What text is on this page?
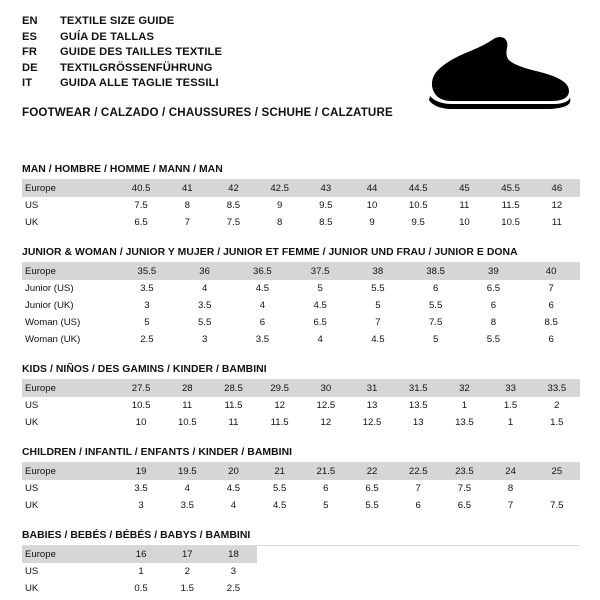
EN	TEXTILE SIZE GUIDE
ES	GUÍA DE TALLAS
FR	GUIDE DES TAILLES TEXTILE
DE	TEXTILGRÖSSENFÜHRUNG
IT	GUIDA ALLE TAGLIE TESSILI
FOOTWEAR / CALZADO / CHAUSSURES / SCHUHE / CALZATURE
MAN / HOMBRE / HOMME / MANN / MAN
Europe	40.5	41	42	42.5	43	44	44.5	45	45.5	46
US	7.5	8	8.5	9	9.5	10	10.5	11	11.5	12
UK	6.5	7	7.5	8	8.5	9	9.5	10	10.5	11
JUNIOR & WOMAN / JUNIOR Y MUJER / JUNIOR ET FEMME / JUNIOR UND FRAU / JUNIOR E DONA
Europe	35.5	36	36.5	37.5	38	38.5	39	40
Junior (US)	3.5	4	4.5	5	5.5	6	6.5	7
Junior (UK)	3	3.5	4	4.5	5	5.5	6	6
Woman (US)	5	5.5	6	6.5	7	7.5	8	8.5
Woman (UK)	2.5	3	3.5	4	4.5	5	5.5	6
KIDS / NIÑOS / DES GAMINS / KINDER / BAMBINI
Europe	27.5	28	28.5	29.5	30	31	31.5	32	33	33.5
US	10.5	11	11.5	12	12.5	13	13.5	1	1.5	2
UK	10	10.5	11	11.5	12	12.5	13	13.5	1	1.5
CHILDREN / INFANTIL / ENFANTS / KINDER / BAMBINI
Europe	19	19.5	20	21	21.5	22	22.5	23.5	24	25
US	3.5	4	4.5	5.5	6	6.5	7	7.5	8	
UK	3	3.5	4	4.5	5	5.5	6	6.5	7	7.5
BABIES / BEBÉS / BÉBÉS / BABYS / BAMBINI
Europe	16	17	18	
US	1	2	3	
UK	0.5	1.5	2.5	
